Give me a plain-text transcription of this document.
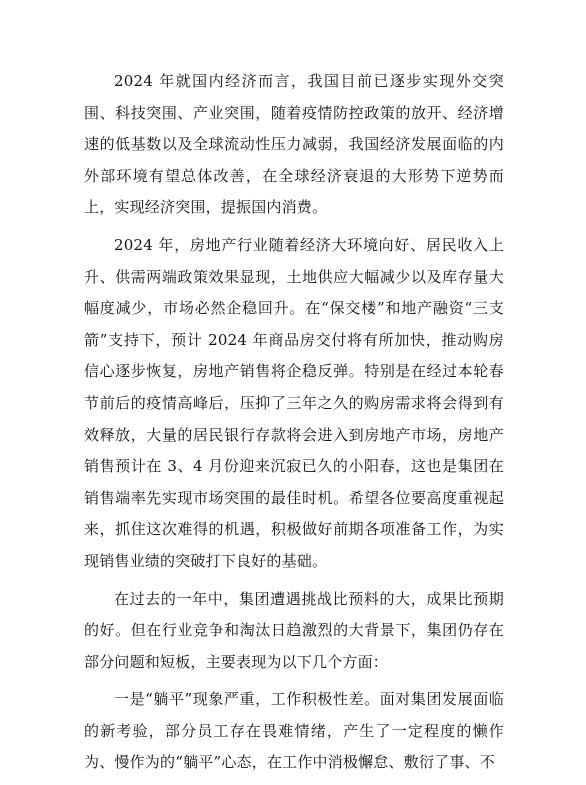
2024 年就国内经济而言，我国目前已逐步实现外交突围、科技突围、产业突围，随着疫情防控政策的放开、经济增速的低基数以及全球流动性压力减弱，我国经济发展面临的内外部环境有望总体改善，在全球经济衰退的大形势下逆势而上，实现经济突围，提振国内消费。

2024 年，房地产行业随着经济大环境向好、居民收入上升、供需两端政策效果显现，土地供应大幅减少以及库存量大幅度减少，市场必然企稳回升。在“保交楼”和地产融资“三支箭”支持下，预计 2024 年商品房交付将有所加快，推动购房信心逐步恢复，房地产销售将企稳反弹。特别是在经过本轮春节前后的疫情高峰后，压抑了三年之久的购房需求将会得到有效释放，大量的居民银行存款将会进入到房地产市场，房地产销售预计在 3、4 月份迎来沉寂已久的小阳春，这也是集团在销售端率先实现市场突围的最佳时机。希望各位要高度重视起来，抓住这次难得的机遇，积极做好前期各项准备工作，为实现销售业绩的突破打下良好的基础。

在过去的一年中，集团遭遇挑战比预料的大，成果比预期的好。但在行业竞争和淘汰日趋激烈的大背景下，集团仍存在部分问题和短板，主要表现为以下几个方面：

一是“躺平”现象严重，工作积极性差。面对集团发展面临的新考验，部分员工存在畏难情绪，产生了一定程度的懒作为、慢作为的“躺平”心态，在工作中消极懈怠、敷衍了事、不
